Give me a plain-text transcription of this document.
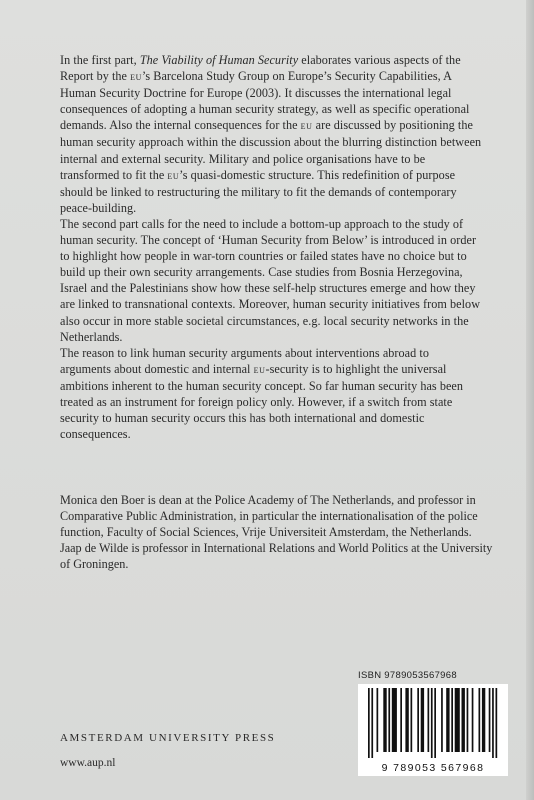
In the first part, The Viability of Human Security elaborates various aspects of the Report by the eu’s Barcelona Study Group on Europe’s Security Capabilities, A Human Security Doctrine for Europe (2003). It discusses the international legal consequences of adopting a human security strategy, as well as specific operational demands. Also the internal consequences for the eu are discussed by positioning the human security approach within the discussion about the blurring distinction between internal and external security. Military and police organisations have to be transformed to fit the eu’s quasi-domestic structure. This redefinition of purpose should be linked to restructuring the military to fit the demands of contemporary peace-building.

The second part calls for the need to include a bottom-up approach to the study of human security. The concept of ‘Human Security from Below’ is introduced in order to highlight how people in war-torn countries or failed states have no choice but to build up their own security arrangements. Case studies from Bosnia Herzegovina, Israel and the Palestinians show how these self-help structures emerge and how they are linked to transnational contexts. Moreover, human security initiatives from below also occur in more stable societal circumstances, e.g. local security networks in the Netherlands.

The reason to link human security arguments about interventions abroad to arguments about domestic and internal eu-security is to highlight the universal ambitions inherent to the human security concept. So far human security has been treated as an instrument for foreign policy only. However, if a switch from state security to human security occurs this has both international and domestic consequences.

Monica den Boer is dean at the Police Academy of The Netherlands, and professor in Comparative Public Administration, in particular the internationalisation of the police function, Faculty of Social Sciences, Vrije Universiteit Amsterdam, the Netherlands.

Jaap de Wilde is professor in International Relations and World Politics at the University of Groningen.

ISBN 9789053567968
9 789053 567968
AMSTERDAM UNIVERSITY PRESS
www.aup.nl
